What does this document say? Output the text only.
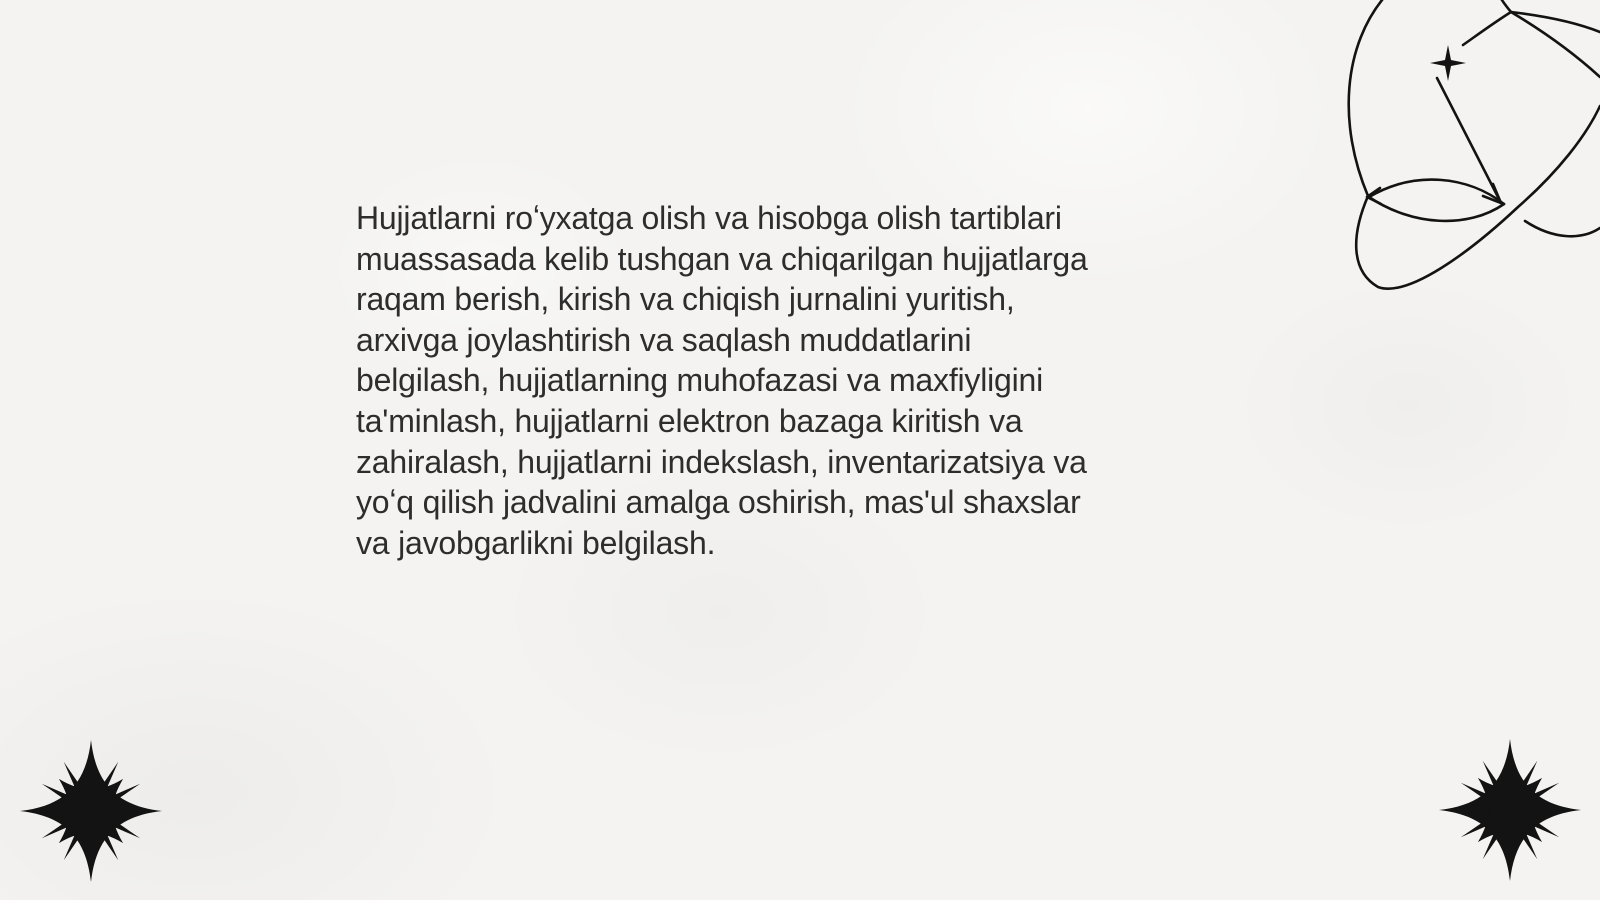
Hujjatlarni roʻyxatga olish va hisobga olish tartiblari
muassasada kelib tushgan va chiqarilgan hujjatlarga
raqam berish, kirish va chiqish jurnalini yuritish,
arxivga joylashtirish va saqlash muddatlarini
belgilash, hujjatlarning muhofazasi va maxfiyligini
ta'minlash, hujjatlarni elektron bazaga kiritish va
zahiralash, hujjatlarni indekslash, inventarizatsiya va
yoʻq qilish jadvalini amalga oshirish, mas'ul shaxslar
va javobgarlikni belgilash.
